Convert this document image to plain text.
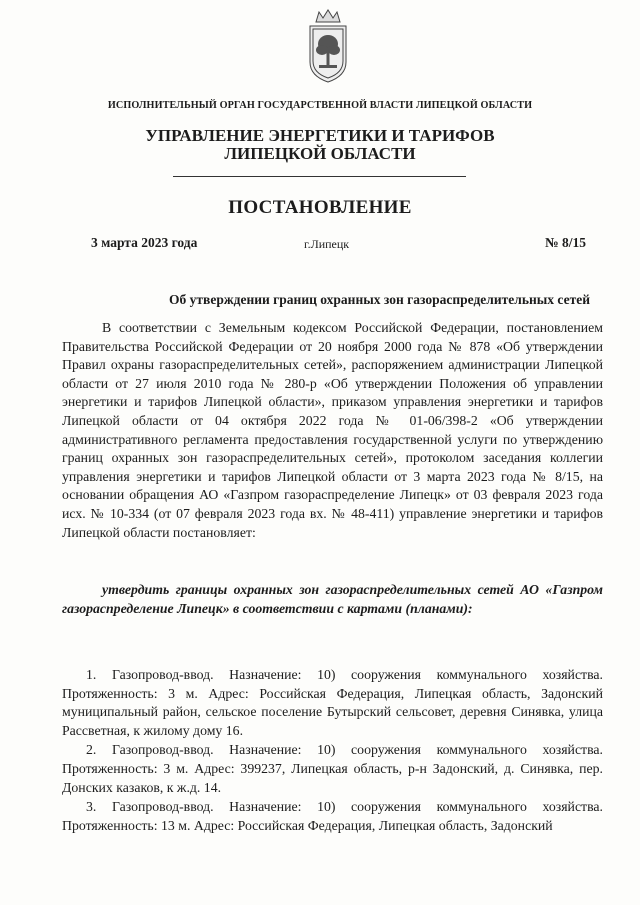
ИСПОЛНИТЕЛЬНЫЙ ОРГАН ГОСУДАРСТВЕННОЙ ВЛАСТИ ЛИПЕЦКОЙ ОБЛАСТИ
УПРАВЛЕНИЕ ЭНЕРГЕТИКИ И ТАРИФОВ
ЛИПЕЦКОЙ ОБЛАСТИ
ПОСТАНОВЛЕНИЕ
3 марта 2023 года	г.Липецк	№ 8/15
Об утверждении границ охранных зон газораспределительных сетей

В соответствии с Земельным кодексом Российской Федерации, постановлением Правительства Российской Федерации от 20 ноября 2000 года № 878 «Об утверждении Правил охраны газораспределительных сетей», распоряжением администрации Липецкой области от 27 июля 2010 года № 280-р «Об утверждении Положения об управлении энергетики и тарифов Липецкой области», приказом управления энергетики и тарифов Липецкой области от 04 октября 2022 года № 01-06/398-2 «Об утверждении административного регламента предоставления государственной услуги по утверждению границ охранных зон газораспределительных сетей», протоколом заседания коллегии управления энергетики и тарифов Липецкой области от 3 марта 2023 года № 8/15, на основании обращения АО «Газпром газораспределение Липецк» от 03 февраля 2023 года исх. № 10-334 (от 07 февраля 2023 года вх. № 48-411) управление энергетики и тарифов Липецкой области постановляет:

утвердить границы охранных зон газораспределительных сетей АО «Газпром газораспределение Липецк» в соответствии с картами (планами):

1. Газопровод-ввод. Назначение: 10) сооружения коммунального хозяйства. Протяженность: 3 м. Адрес: Российская Федерация, Липецкая область, Задонский муниципальный район, сельское поселение Бутырский сельсовет, деревня Синявка, улица Рассветная, к жилому дому 16.

2. Газопровод-ввод. Назначение: 10) сооружения коммунального хозяйства. Протяженность: 3 м. Адрес: 399237, Липецкая область, р-н Задонский, д. Синявка, пер. Донских казаков, к ж.д. 14.

3. Газопровод-ввод. Назначение: 10) сооружения коммунального хозяйства. Протяженность: 13 м. Адрес: Российская Федерация, Липецкая область, Задонский
